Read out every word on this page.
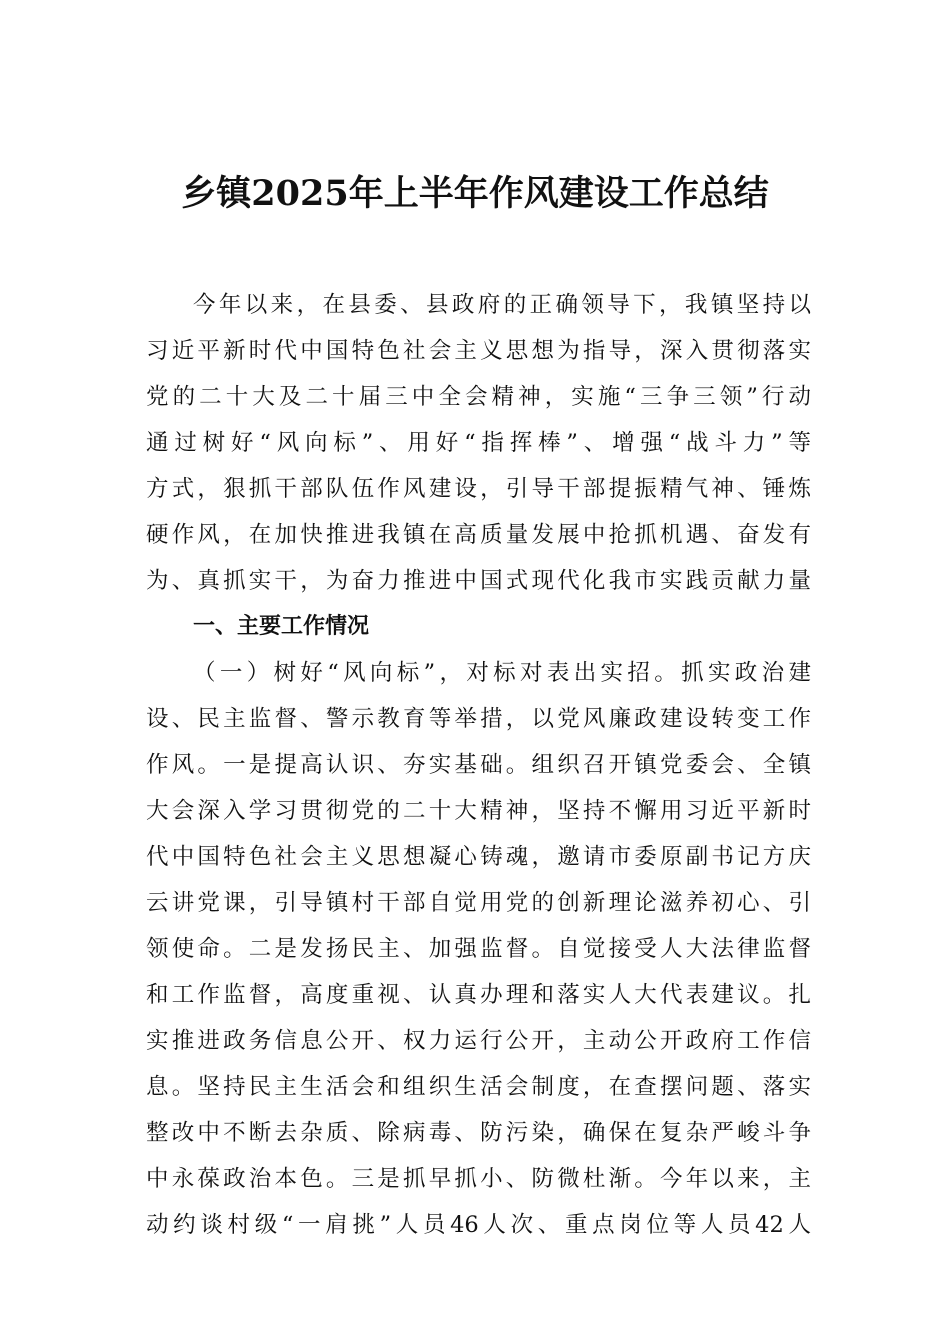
乡镇2025年上半年作风建设工作总结
今年以来，在县委、县政府的正确领导下，我镇坚持以
习近平新时代中国特色社会主义思想为指导，深入贯彻落实
党的二十大及二十届三中全会精神，实施“三争三领”行动
通过树好“风向标”、用好“指挥棒”、增强“战斗力”等
方式，狠抓干部队伍作风建设，引导干部提振精气神、锤炼
硬作风，在加快推进我镇在高质量发展中抢抓机遇、奋发有
为、真抓实干，为奋力推进中国式现代化我市实践贡献力量
一、主要工作情况
（一）树好“风向标”，对标对表出实招。抓实政治建
设、民主监督、警示教育等举措，以党风廉政建设转变工作
作风。一是提高认识、夯实基础。组织召开镇党委会、全镇
大会深入学习贯彻党的二十大精神，坚持不懈用习近平新时
代中国特色社会主义思想凝心铸魂，邀请市委原副书记方庆
云讲党课，引导镇村干部自觉用党的创新理论滋养初心、引
领使命。二是发扬民主、加强监督。自觉接受人大法律监督
和工作监督，高度重视、认真办理和落实人大代表建议。扎
实推进政务信息公开、权力运行公开，主动公开政府工作信
息。坚持民主生活会和组织生活会制度，在查摆问题、落实
整改中不断去杂质、除病毒、防污染，确保在复杂严峻斗争
中永葆政治本色。三是抓早抓小、防微杜渐。今年以来，主
动约谈村级“一肩挑”人员46人次、重点岗位等人员42人
